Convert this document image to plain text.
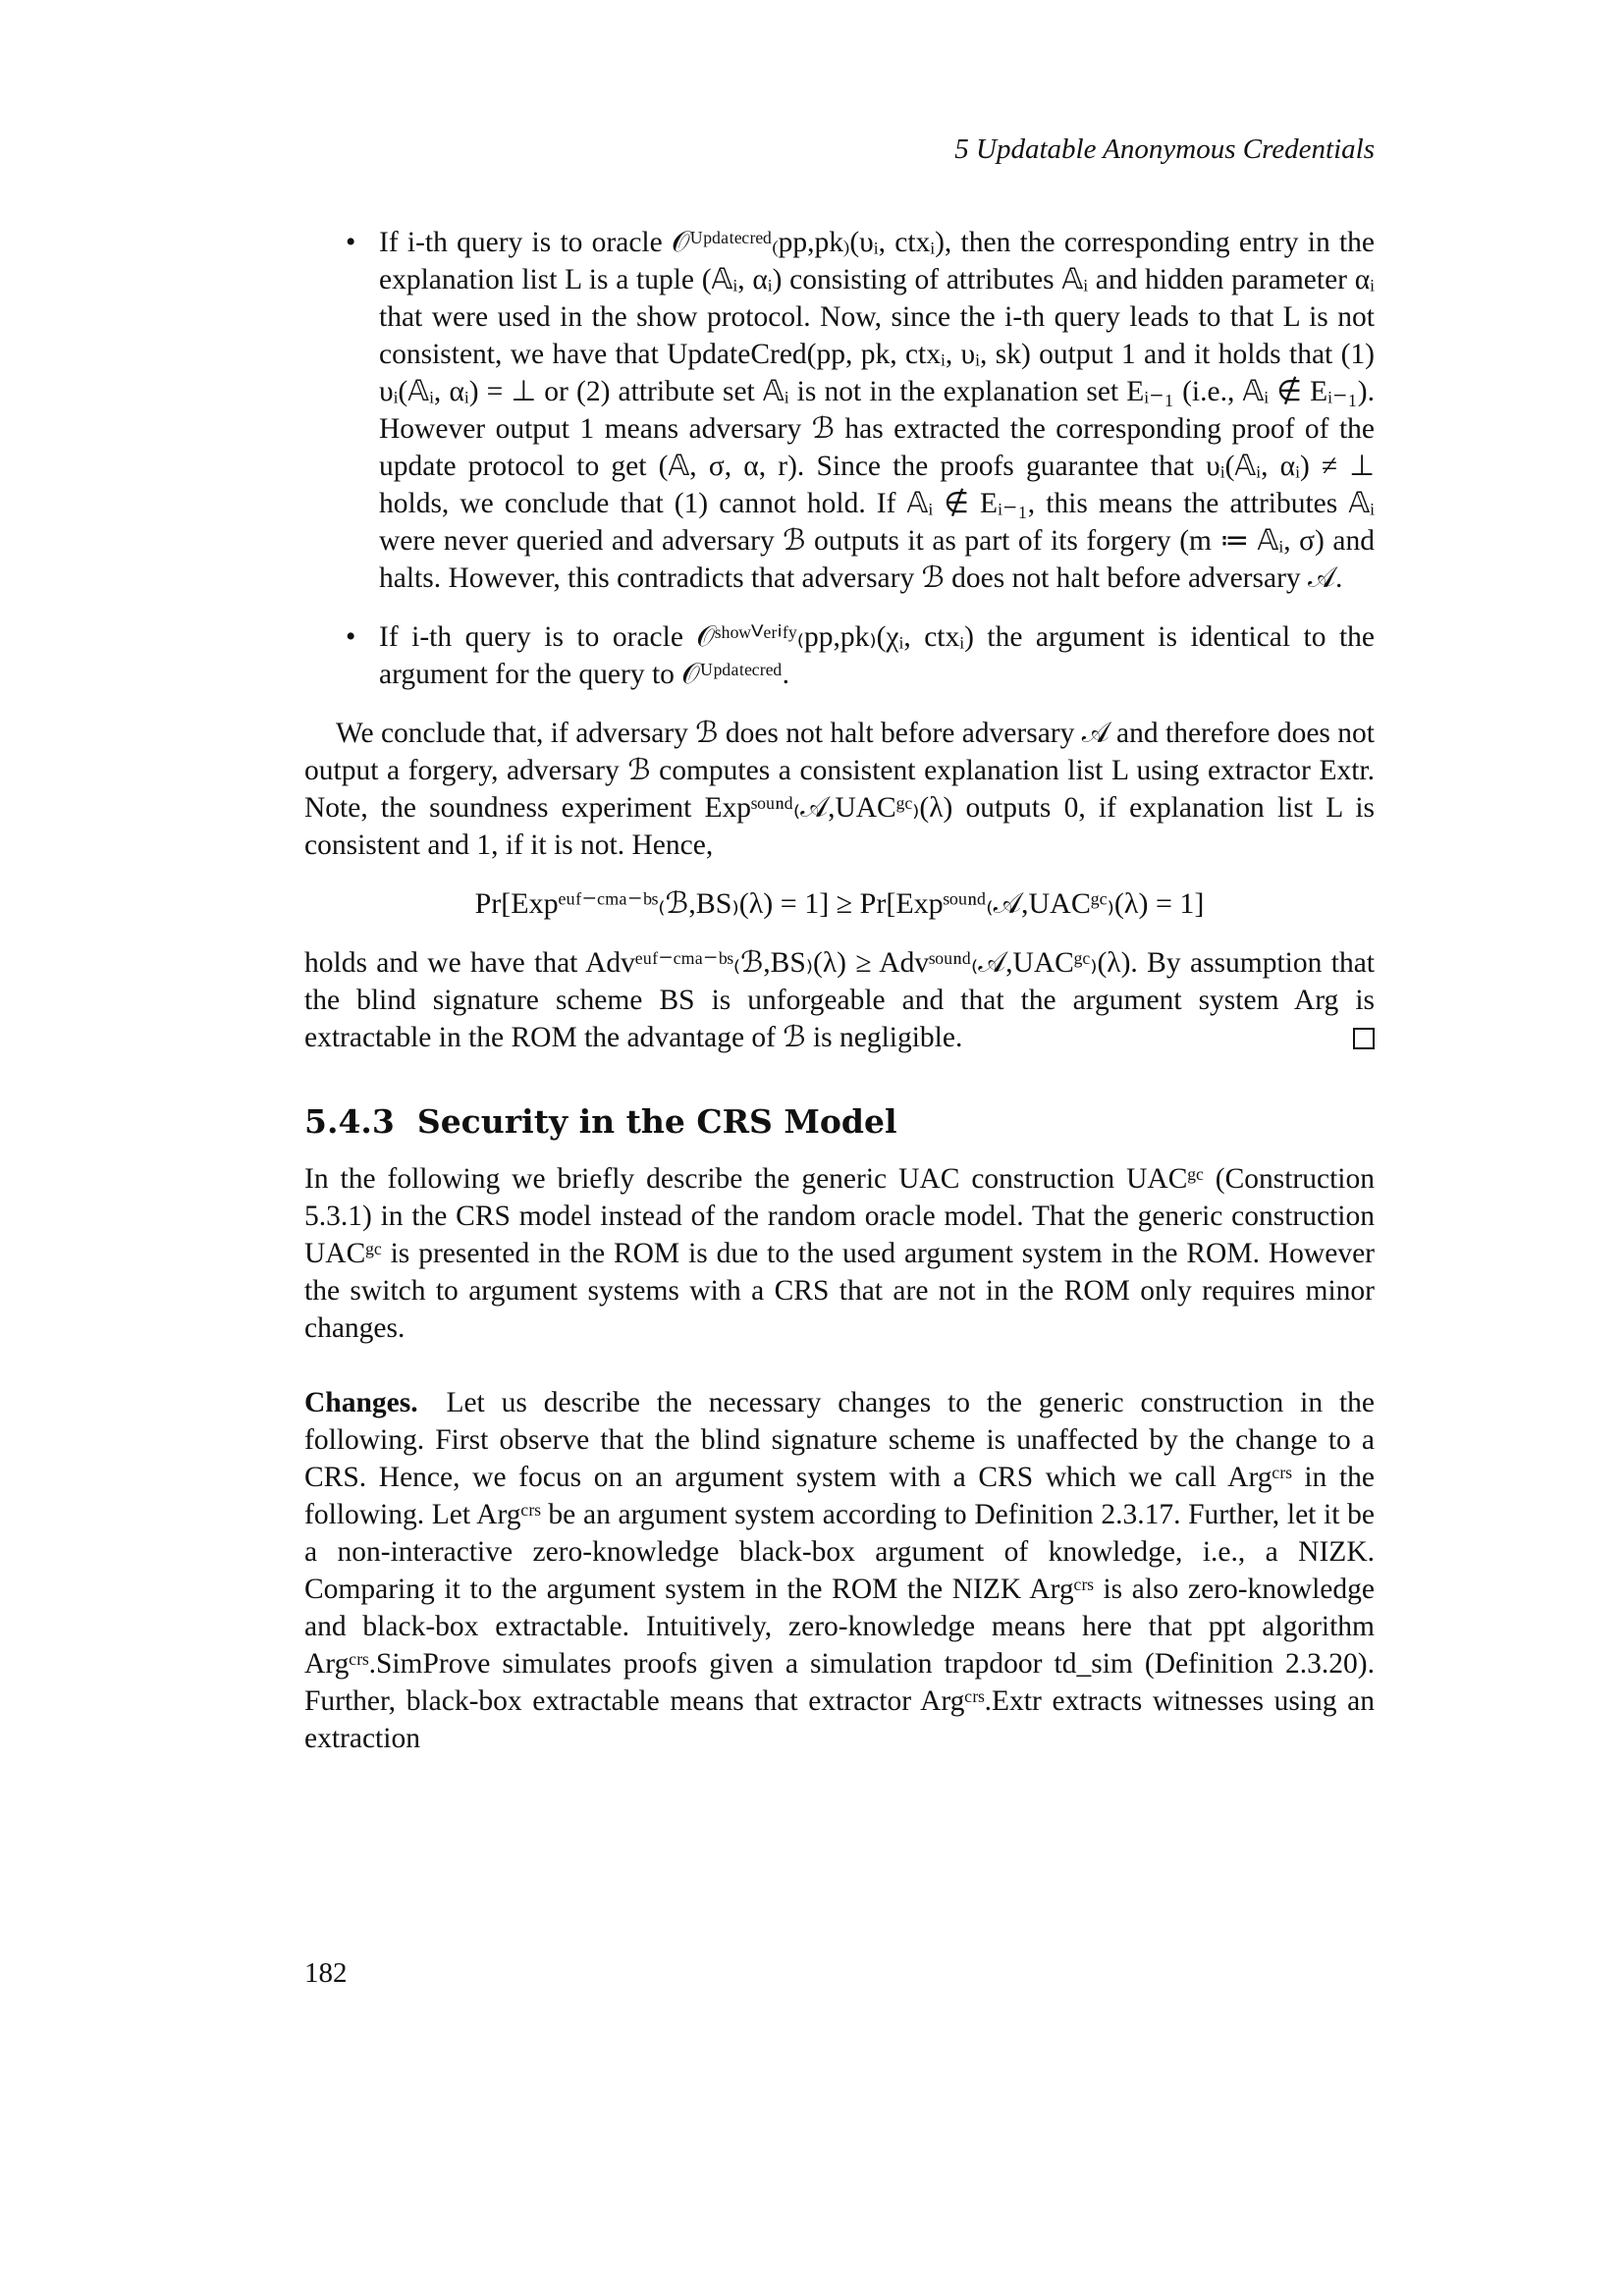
5 Updatable Anonymous Credentials
• If i-th query is to oracle 𝒪ᵁᵖᵈᵃᵗᵉᶜʳᵉᵈ₍pp,pk₎(υᵢ, ctxᵢ), then the corresponding entry in the explanation list L is a tuple (𝔸ᵢ, αᵢ) consisting of attributes 𝔸ᵢ and hidden parameter αᵢ that were used in the show protocol. Now, since the i-th query leads to that L is not consistent, we have that UpdateCred(pp, pk, ctxᵢ, υᵢ, sk) output 1 and it holds that (1) υᵢ(𝔸ᵢ, αᵢ) = ⊥ or (2) attribute set 𝔸ᵢ is not in the explanation set Eᵢ₋₁ (i.e., 𝔸ᵢ ∉ Eᵢ₋₁). However output 1 means adversary ℬ has extracted the corresponding proof of the update protocol to get (𝔸, σ, α, r). Since the proofs guarantee that υᵢ(𝔸ᵢ, αᵢ) ≠ ⊥ holds, we conclude that (1) cannot hold. If 𝔸ᵢ ∉ Eᵢ₋₁, this means the attributes 𝔸ᵢ were never queried and adversary ℬ outputs it as part of its forgery (m ≔ 𝔸ᵢ, σ) and halts. However, this contradicts that adversary ℬ does not halt before adversary 𝒜.
• If i-th query is to oracle 𝒪ˢʰᵒʷⱽᵉʳⁱᶠʸ₍pp,pk₎(χᵢ, ctxᵢ) the argument is identical to the argument for the query to 𝒪ᵁᵖᵈᵃᵗᵉᶜʳᵉᵈ.

We conclude that, if adversary ℬ does not halt before adversary 𝒜 and therefore does not output a forgery, adversary ℬ computes a consistent explanation list L using extractor Extr. Note, the soundness experiment Expˢᵒᵘⁿᵈ₍𝒜,UACᵍᶜ₎(λ) outputs 0, if explanation list L is consistent and 1, if it is not. Hence,

Pr[Expᵉᵘᶠ⁻ᶜᵐᵃ⁻ᵇˢ₍ℬ,BS₎(λ) = 1] ≥ Pr[Expˢᵒᵘⁿᵈ₍𝒜,UACᵍᶜ₎(λ) = 1]

holds and we have that Advᵉᵘᶠ⁻ᶜᵐᵃ⁻ᵇˢ₍ℬ,BS₎(λ) ≥ Advˢᵒᵘⁿᵈ₍𝒜,UACᵍᶜ₎(λ). By assumption that the blind signature scheme BS is unforgeable and that the argument system Arg is extractable in the ROM the advantage of ℬ is negligible.

5.4.3 Security in the CRS Model

In the following we briefly describe the generic UAC construction UACᵍᶜ (Construction 5.3.1) in the CRS model instead of the random oracle model. That the generic construction UACᵍᶜ is presented in the ROM is due to the used argument system in the ROM. However the switch to argument systems with a CRS that are not in the ROM only requires minor changes.

Changes. Let us describe the necessary changes to the generic construction in the following. First observe that the blind signature scheme is unaffected by the change to a CRS. Hence, we focus on an argument system with a CRS which we call Argᶜʳˢ in the following. Let Argᶜʳˢ be an argument system according to Definition 2.3.17. Further, let it be a non-interactive zero-knowledge black-box argument of knowledge, i.e., a NIZK. Comparing it to the argument system in the ROM the NIZK Argᶜʳˢ is also zero-knowledge and black-box extractable. Intuitively, zero-knowledge means here that ppt algorithm Argᶜʳˢ.SimProve simulates proofs given a simulation trapdoor td_sim (Definition 2.3.20). Further, black-box extractable means that extractor Argᶜʳˢ.Extr extracts witnesses using an extraction

182
